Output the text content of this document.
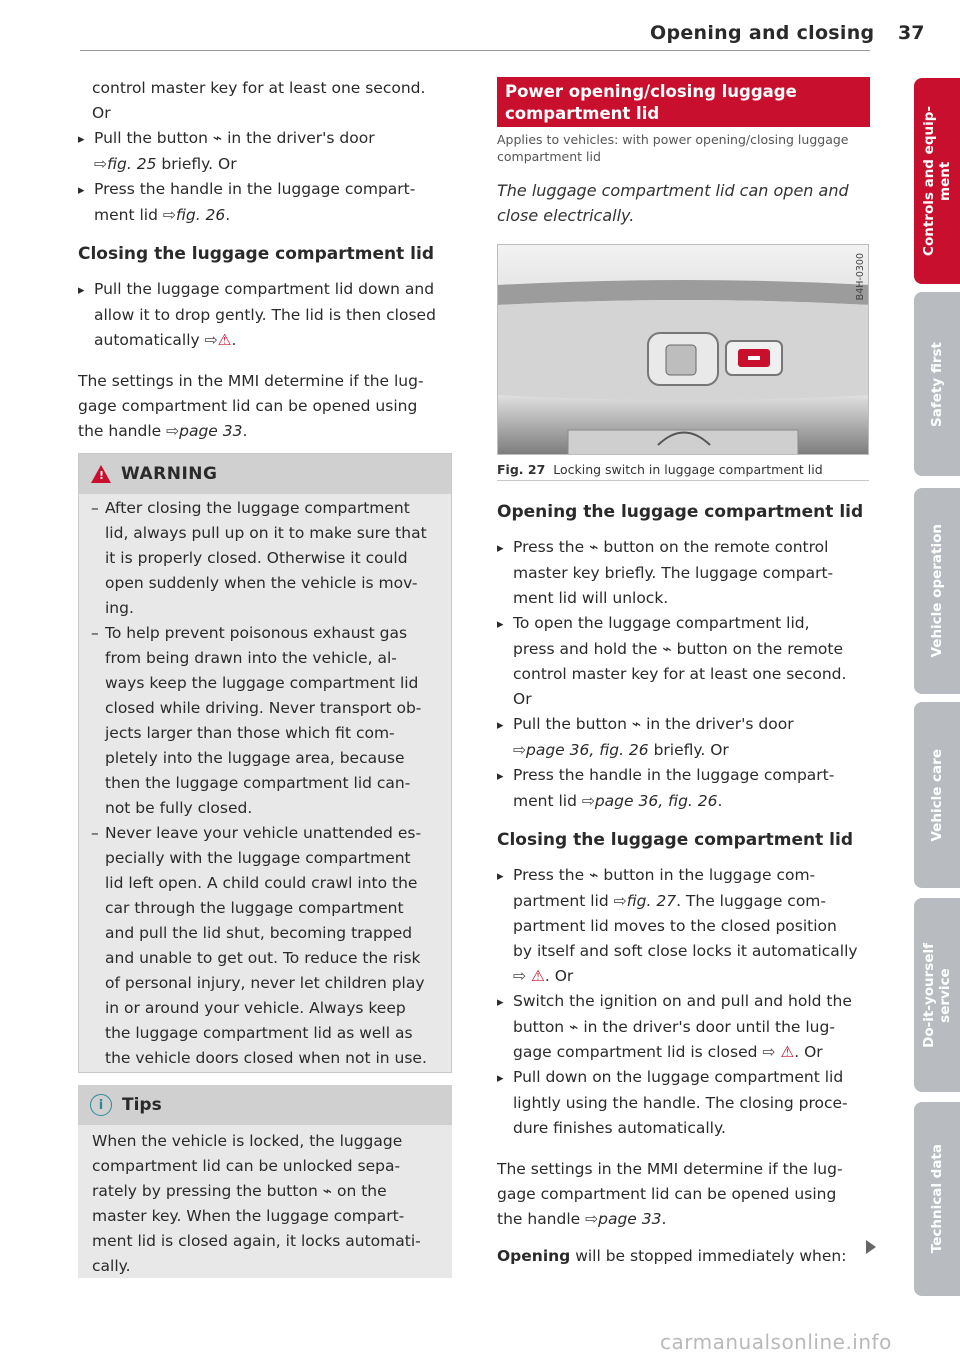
Opening and closing 37

control master key for at least one second.

Or

▸ Pull the button ⌁ in the driver's door
⇨fig. 25 briefly. Or

▸ Press the handle in the luggage compart-
ment lid ⇨fig. 26.

Closing the luggage compartment lid

▸ Pull the luggage compartment lid down and
allow it to drop gently. The lid is then closed
automatically ⇨⚠.

The settings in the MMI determine if the lug-
gage compartment lid can be opened using
the handle ⇨page 33.

! WARNING

– After closing the luggage compartment
lid, always pull up on it to make sure that
it is properly closed. Otherwise it could
open suddenly when the vehicle is mov-
ing.

– To help prevent poisonous exhaust gas
from being drawn into the vehicle, al-
ways keep the luggage compartment lid
closed while driving. Never transport ob-
jects larger than those which fit com-
pletely into the luggage area, because
then the luggage compartment lid can-
not be fully closed.

– Never leave your vehicle unattended es-
pecially with the luggage compartment
lid left open. A child could crawl into the
car through the luggage compartment
and pull the lid shut, becoming trapped
and unable to get out. To reduce the risk
of personal injury, never let children play
in or around your vehicle. Always keep
the luggage compartment lid as well as
the vehicle doors closed when not in use.

i	Tips
When the vehicle is locked, the luggage
compartment lid can be unlocked sepa-
rately by pressing the button ⌁ on the
master key. When the luggage compart-
ment lid is closed again, it locks automati-
cally.
Power opening/closing luggage compartment lid
Applies to vehicles: with power opening/closing luggage compartment lid
The luggage compartment lid can open and close electrically.
B4H-0300
Fig. 27 Locking switch in luggage compartment lid
Opening the luggage compartment lid

▸ Press the ⌁ button on the remote control
master key briefly. The luggage compart-
ment lid will unlock.

▸ To open the luggage compartment lid,
press and hold the ⌁ button on the remote
control master key for at least one second.
Or

▸ Pull the button ⌁ in the driver's door
⇨page 36, fig. 26 briefly. Or

▸ Press the handle in the luggage compart-
ment lid ⇨page 36, fig. 26.

Closing the luggage compartment lid

▸ Press the ⌁ button in the luggage com-
partment lid ⇨fig. 27. The luggage com-
partment lid moves to the closed position
by itself and soft close locks it automatically
⇨ ⚠. Or

▸ Switch the ignition on and pull and hold the
button ⌁ in the driver's door until the lug-
gage compartment lid is closed ⇨ ⚠. Or

▸ Pull down on the luggage compartment lid
lightly using the handle. The closing proce-
dure finishes automatically.

The settings in the MMI determine if the lug-
gage compartment lid can be opened using
the handle ⇨page 33.

Opening will be stopped immediately when:

Controls and equip-
ment
Safety first
Vehicle operation
Vehicle care
Do-it-yourself
service
Technical data
carmanualsonline.info
